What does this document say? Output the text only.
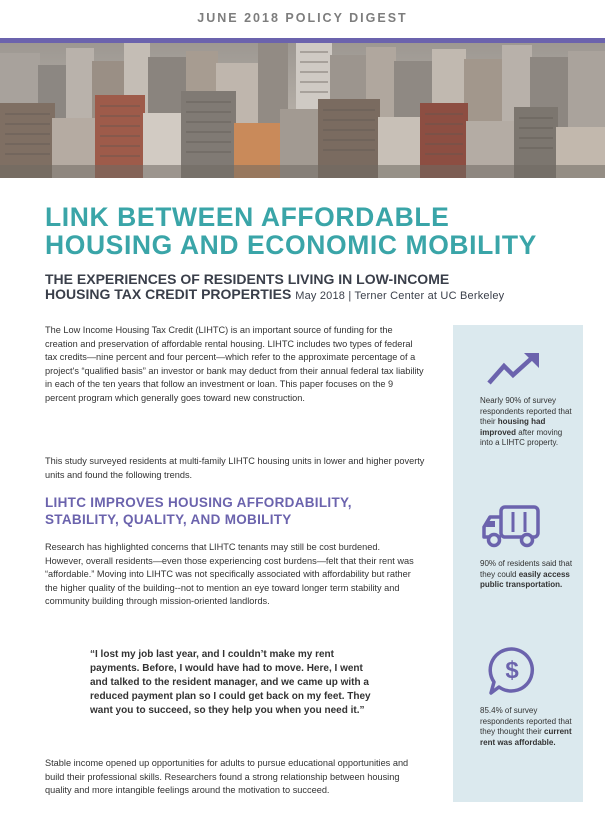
JUNE 2018 POLICY DIGEST
LINK BETWEEN AFFORDABLE
HOUSING AND ECONOMIC MOBILITY
THE EXPERIENCES OF RESIDENTS LIVING IN LOW-INCOME
HOUSING TAX CREDIT PROPERTIES May 2018 | Terner Center at UC Berkeley

The Low Income Housing Tax Credit (LIHTC) is an important source of funding for the creation and preservation of affordable rental housing. LIHTC includes two types of federal tax credits—nine percent and four percent—which refer to the approximate percentage of a project's “qualified basis” an investor or bank may deduct from their annual federal tax liability in each of the ten years that follow an investment or loan. This paper focuses on the 9 percent program which generally goes toward new construction.

This study surveyed residents at multi-family LIHTC housing units in lower and higher poverty units and found the following trends.

LIHTC IMPROVES HOUSING AFFORDABILITY, STABILITY, QUALITY, AND MOBILITY

Research has highlighted concerns that LIHTC tenants may still be cost burdened. However, overall residents—even those experiencing cost burdens—felt that their rent was “affordable.” Moving into LIHTC was not specifically associated with affordability but rather the higher quality of the building--not to mention an eye toward longer term stability and community building through mission-oriented landlords.

“I lost my job last year, and I couldn’t make my rent payments. Before, I would have had to move. Here, I went and talked to the resident manager, and we came up with a reduced payment plan so I could get back on my feet. They want you to succeed, so they help you when you need it.”

Stable income opened up opportunities for adults to pursue educational opportunities and build their professional skills. Researchers found a strong relationship between housing quality and more intangible feelings around the motivation to succeed.

Nearly 90% of survey respondents reported that their housing had improved after moving into a LIHTC property.

90% of residents said that they could easily access public transportation.

$

85.4% of survey respondents reported that they thought their current rent was affordable.
